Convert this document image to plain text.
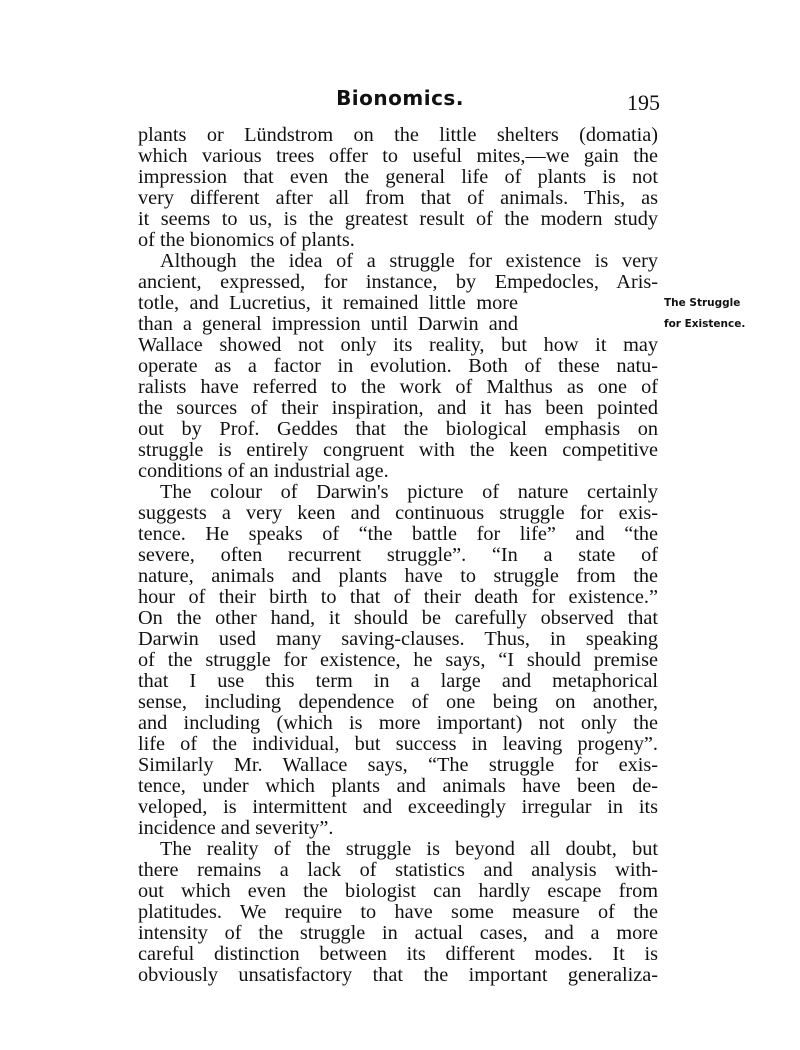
Bionomics.	195
The Struggle
for Existence.
plants or Lündstrom on the little shelters (domatia)
which various trees offer to useful mites,—we gain the
impression that even the general life of plants is not
very different after all from that of animals. This, as
it seems to us, is the greatest result of the modern study
of the bionomics of plants.
Although the idea of a struggle for existence is very
ancient, expressed, for instance, by Empedocles, Aris-
totle, and Lucretius, it remained little more
than a general impression until Darwin and
Wallace showed not only its reality, but how it may
operate as a factor in evolution. Both of these natu-
ralists have referred to the work of Malthus as one of
the sources of their inspiration, and it has been pointed
out by Prof. Geddes that the biological emphasis on
struggle is entirely congruent with the keen competitive
conditions of an industrial age.
The colour of Darwin's picture of nature certainly
suggests a very keen and continuous struggle for exis-
tence. He speaks of “the battle for life” and “the
severe, often recurrent struggle”. “In a state of
nature, animals and plants have to struggle from the
hour of their birth to that of their death for existence.”
On the other hand, it should be carefully observed that
Darwin used many saving-clauses. Thus, in speaking
of the struggle for existence, he says, “I should premise
that I use this term in a large and metaphorical
sense, including dependence of one being on another,
and including (which is more important) not only the
life of the individual, but success in leaving progeny”.
Similarly Mr. Wallace says, “The struggle for exis-
tence, under which plants and animals have been de-
veloped, is intermittent and exceedingly irregular in its
incidence and severity”.
The reality of the struggle is beyond all doubt, but
there remains a lack of statistics and analysis with-
out which even the biologist can hardly escape from
platitudes. We require to have some measure of the
intensity of the struggle in actual cases, and a more
careful distinction between its different modes. It is
obviously unsatisfactory that the important generaliza-
